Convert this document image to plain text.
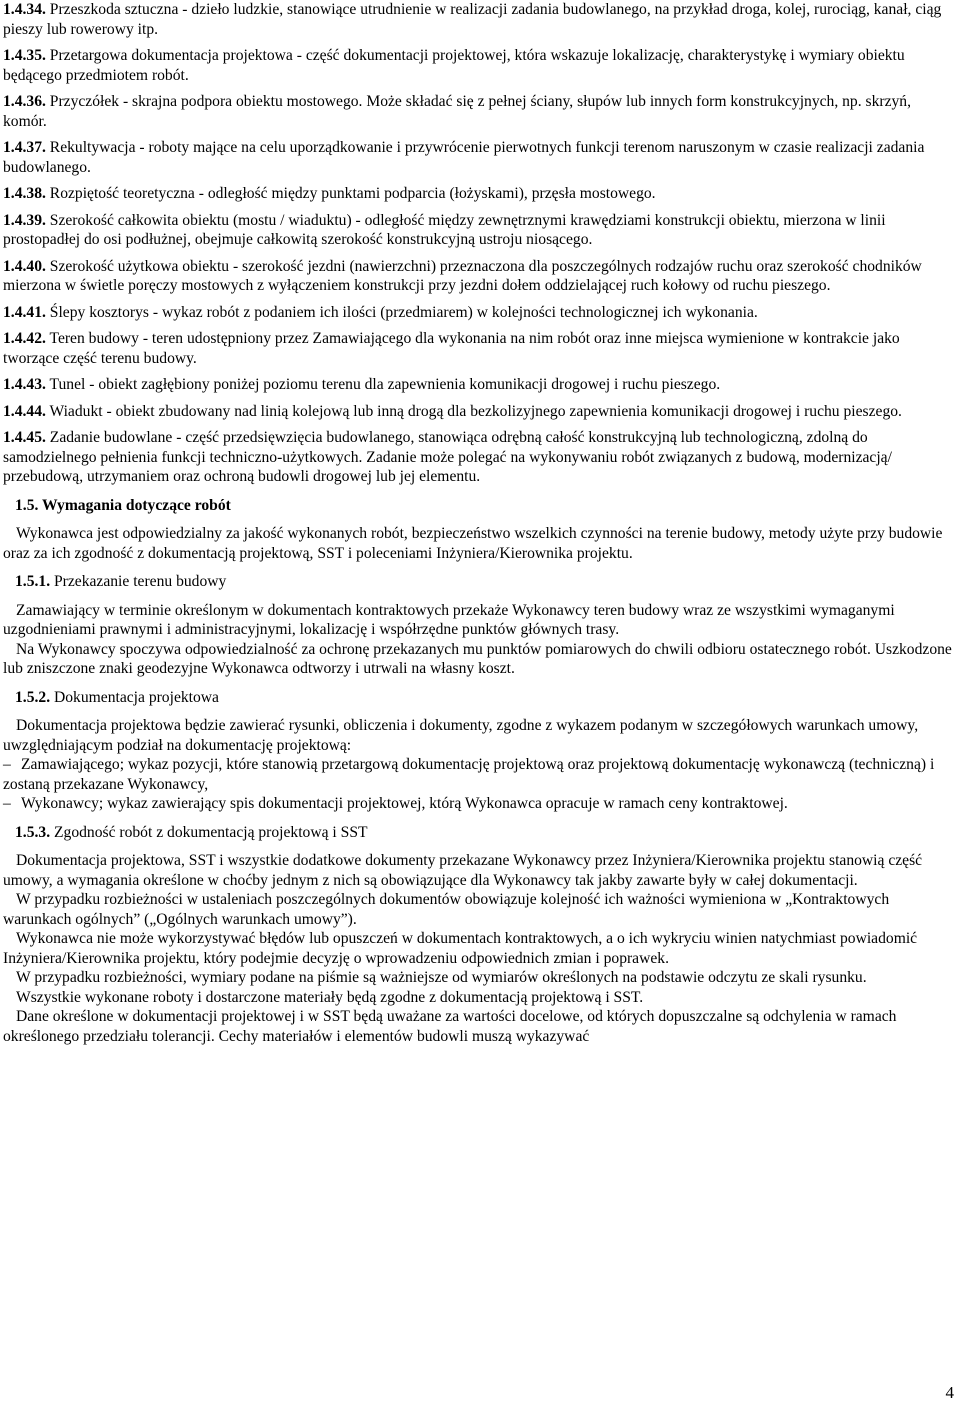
1.4.34. Przeszkoda sztuczna - dzieło ludzkie, stanowiące utrudnienie w realizacji zadania budowlanego, na przykład droga, kolej, rurociąg, kanał, ciąg pieszy lub rowerowy itp.

1.4.35. Przetargowa dokumentacja projektowa - część dokumentacji projektowej, która wskazuje lokalizację, charakterystykę i wymiary obiektu będącego przedmiotem robót.

1.4.36. Przyczółek - skrajna podpora obiektu mostowego. Może składać się z pełnej ściany, słupów lub innych form konstrukcyjnych, np. skrzyń, komór.

1.4.37. Rekultywacja - roboty mające na celu uporządkowanie i przywrócenie pierwotnych funkcji terenom naruszonym w czasie realizacji zadania budowlanego.

1.4.38. Rozpiętość teoretyczna - odległość między punktami podparcia (łożyskami), przęsła mostowego.

1.4.39. Szerokość całkowita obiektu (mostu / wiaduktu) - odległość między zewnętrznymi krawędziami konstrukcji obiektu, mierzona w linii prostopadłej do osi podłużnej, obejmuje całkowitą szerokość konstrukcyjną ustroju niosącego.

1.4.40. Szerokość użytkowa obiektu - szerokość jezdni (nawierzchni) przeznaczona dla poszczególnych rodzajów ruchu oraz szerokość chodników mierzona w świetle poręczy mostowych z wyłączeniem konstrukcji przy jezdni dołem oddzielającej ruch kołowy od ruchu pieszego.

1.4.41. Ślepy kosztorys - wykaz robót z podaniem ich ilości (przedmiarem) w kolejności technologicznej ich wykonania.

1.4.42. Teren budowy - teren udostępniony przez Zamawiającego dla wykonania na nim robót oraz inne miejsca wymienione w kontrakcie jako tworzące część terenu budowy.

1.4.43. Tunel - obiekt zagłębiony poniżej poziomu terenu dla zapewnienia komunikacji drogowej i ruchu pieszego.

1.4.44. Wiadukt - obiekt zbudowany nad linią kolejową lub inną drogą dla bezkolizyjnego zapewnienia komunikacji drogowej i ruchu pieszego.

1.4.45. Zadanie budowlane - część przedsięwzięcia budowlanego, stanowiąca odrębną całość konstrukcyjną lub technologiczną, zdolną do samodzielnego pełnienia funkcji techniczno-użytkowych. Zadanie może polegać na wykonywaniu robót związanych z budową, modernizacją/ przebudową, utrzymaniem oraz ochroną budowli drogowej lub jej elementu.

1.5. Wymagania dotyczące robót

Wykonawca jest odpowiedzialny za jakość wykonanych robót, bezpieczeństwo wszelkich czynności na terenie budowy, metody użyte przy budowie oraz za ich zgodność z dokumentacją projektową, SST i poleceniami Inżyniera/Kierownika projektu.

1.5.1. Przekazanie terenu budowy

Zamawiający w terminie określonym w dokumentach kontraktowych przekaże Wykonawcy teren budowy wraz ze wszystkimi wymaganymi uzgodnieniami prawnymi i administracyjnymi, lokalizację i współrzędne punktów głównych trasy.

Na Wykonawcy spoczywa odpowiedzialność za ochronę przekazanych mu punktów pomiarowych do chwili odbioru ostatecznego robót. Uszkodzone lub zniszczone znaki geodezyjne Wykonawca odtworzy i utrwali na własny koszt.

1.5.2. Dokumentacja projektowa

Dokumentacja projektowa będzie zawierać rysunki, obliczenia i dokumenty, zgodne z wykazem podanym w szczegółowych warunkach umowy, uwzględniającym podział na dokumentację projektową:

– Zamawiającego; wykaz pozycji, które stanowią przetargową dokumentację projektową oraz projektową dokumentację wykonawczą (techniczną) i zostaną przekazane Wykonawcy,

– Wykonawcy; wykaz zawierający spis dokumentacji projektowej, którą Wykonawca opracuje w ramach ceny kontraktowej.

1.5.3. Zgodność robót z dokumentacją projektową i SST

Dokumentacja projektowa, SST i wszystkie dodatkowe dokumenty przekazane Wykonawcy przez Inżyniera/Kierownika projektu stanowią część umowy, a wymagania określone w choćby jednym z nich są obowiązujące dla Wykonawcy tak jakby zawarte były w całej dokumentacji.

W przypadku rozbieżności w ustaleniach poszczególnych dokumentów obowiązuje kolejność ich ważności wymieniona w „Kontraktowych warunkach ogólnych” („Ogólnych warunkach umowy”).

Wykonawca nie może wykorzystywać błędów lub opuszczeń w dokumentach kontraktowych, a o ich wykryciu winien natychmiast powiadomić Inżyniera/Kierownika projektu, który podejmie decyzję o wprowadzeniu odpowiednich zmian i poprawek.

W przypadku rozbieżności, wymiary podane na piśmie są ważniejsze od wymiarów określonych na podstawie odczytu ze skali rysunku.

Wszystkie wykonane roboty i dostarczone materiały będą zgodne z dokumentacją projektową i SST.

Dane określone w dokumentacji projektowej i w SST będą uważane za wartości docelowe, od których dopuszczalne są odchylenia w ramach określonego przedziału tolerancji. Cechy materiałów i elementów budowli muszą wykazywać

4
